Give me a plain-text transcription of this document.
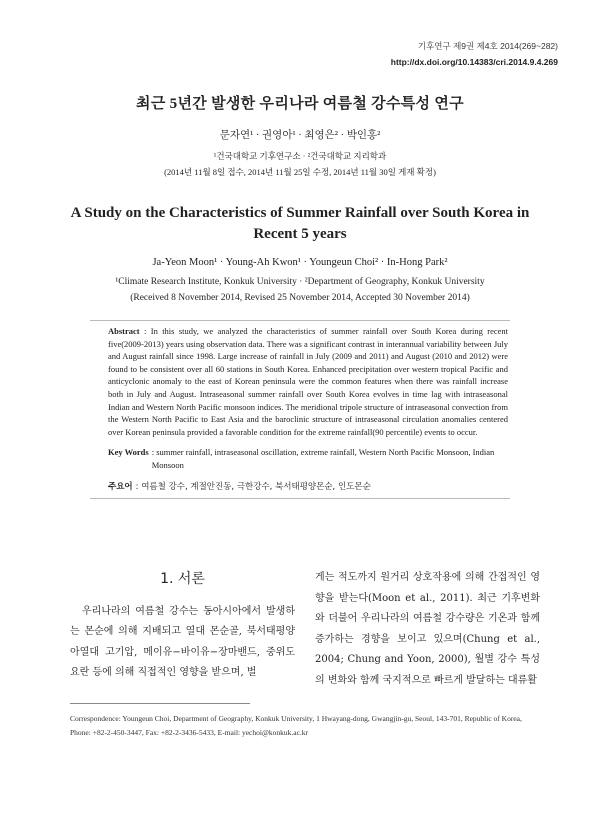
기후연구 제9권 제4호 2014(269~282)
http://dx.doi.org/10.14383/cri.2014.9.4.269
최근 5년간 발생한 우리나라 여름철 강수특성 연구
문자연¹ · 권영아¹ · 최영은² · 박인홍²
¹건국대학교 기후연구소 · ²건국대학교 지리학과
(2014년 11월 8일 접수, 2014년 11월 25일 수정, 2014년 11월 30일 게재 확정)
A Study on the Characteristics of Summer Rainfall over South Korea in Recent 5 years
Ja-Yeon Moon¹ · Young-Ah Kwon¹ · Youngeun Choi² · In-Hong Park²
¹Climate Research Institute, Konkuk University · ²Department of Geography, Konkuk University
(Received 8 November 2014, Revised 25 November 2014, Accepted 30 November 2014)

Abstract : In this study, we analyzed the characteristics of summer rainfall over South Korea during recent five(2009-2013) years using observation data. There was a significant contrast in interannual variability between July and August rainfall since 1998. Large increase of rainfall in July (2009 and 2011) and August (2010 and 2012) were found to be consistent over all 60 stations in South Korea. Enhanced precipitation over western tropical Pacific and anticyclonic anomaly to the east of Korean peninsula were the common features when there was rainfall increase both in July and August. Intraseasonal summer rainfall over South Korea evolves in time lag with intraseasonal Indian and Western North Pacific monsoon indices. The meridional tripole structure of intraseasonal convection from the Western North Pacific to East Asia and the baroclinic structure of intraseasonal circulation anomalies centered over Korean peninsula provided a favorable condition for the extreme rainfall(90 percentile) events to occur.

Key Words : summer rainfall, intraseasonal oscillation, extreme rainfall, Western North Pacific Monsoon, Indian Monsoon
주요어 : 여름철 강수, 계절안진동, 극한강수, 북서태평양몬순, 인도몬순
1. 서론

우리나라의 여름철 강수는 동아시아에서 발생하는 몬순에 의해 지배되고 열대 몬순골, 북서태평양 아열대 고기압, 메이유−바이유−장마밴드, 중위도 요란 등에 의해 직접적인 영향을 받으며, 벌

게는 적도까지 원거리 상호작용에 의해 간접적인 영향을 받는다(Moon et al., 2011). 최근 기후변화와 더불어 우리나라의 여름철 강수량은 기온과 함께 증가하는 경향을 보이고 있으며(Chung et al., 2004; Chung and Yoon, 2000), 월별 강수 특성의 변화와 함께 국지적으로 빠르게 발달하는 대류활

Correspondence: Youngeun Choi, Department of Geography, Konkuk University, 1 Hwayang-dong, Gwangjin-gu, Seoul, 143-701, Republic of Korea, Phone: +82-2-450-3447, Fax: +82-2-3436-5433, E-mail: yechoi@konkuk.ac.kr
